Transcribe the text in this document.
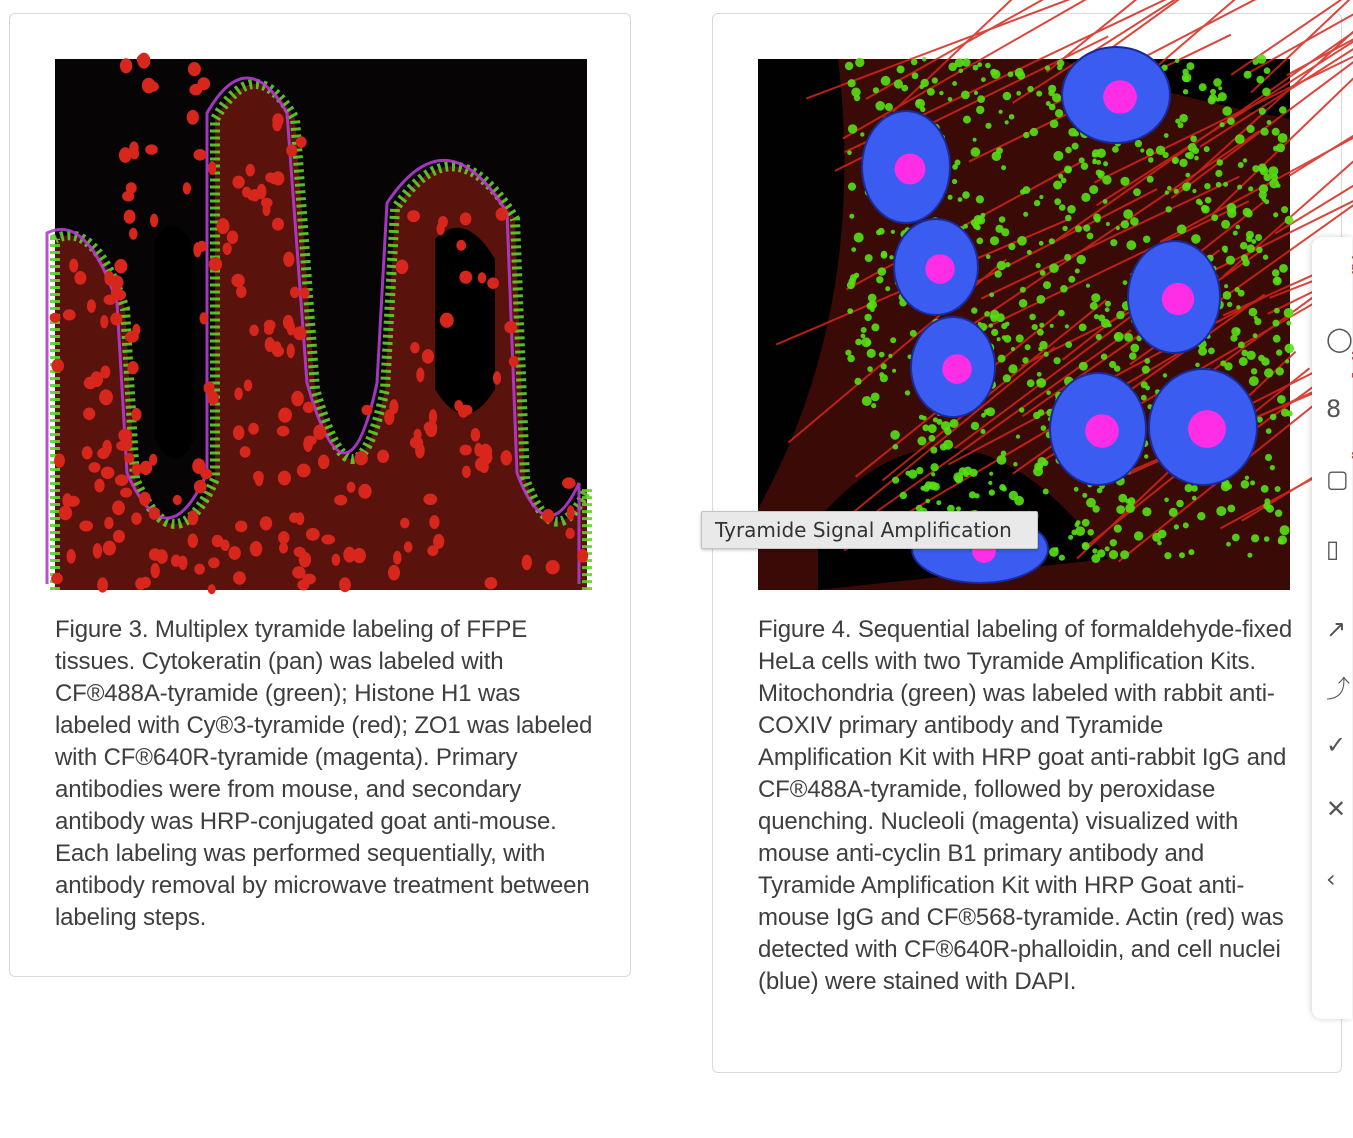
Figure 3. Multiplex tyramide labeling of FFPE tissues. Cytokeratin (pan) was labeled with CF®488A-tyramide (green); Histone H1 was labeled with Cy®3-tyramide (red); ZO1 was labeled with CF®640R-tyramide (magenta). Primary antibodies were from mouse, and secondary antibody was HRP-conjugated goat anti-mouse. Each labeling was performed sequentially, with antibody removal by microwave treatment between labeling steps.

Figure 4. Sequential labeling of formaldehyde-fixed HeLa cells with two Tyramide Amplification Kits. Mitochondria (green) was labeled with rabbit anti-COXIV primary antibody and Tyramide Amplification Kit with HRP goat anti-rabbit IgG and CF®488A-tyramide, followed by peroxidase quenching. Nucleoli (magenta) visualized with mouse anti-cyclin B1 primary antibody and Tyramide Amplification Kit with HRP Goat anti-mouse IgG and CF®568-tyramide. Actin (red) was detected with CF®640R-phalloidin, and cell nuclei (blue) were stained with DAPI.

Tyramide Signal Amplification
◯
8
▢
▯
↗
⤴
✓
✕
‹
